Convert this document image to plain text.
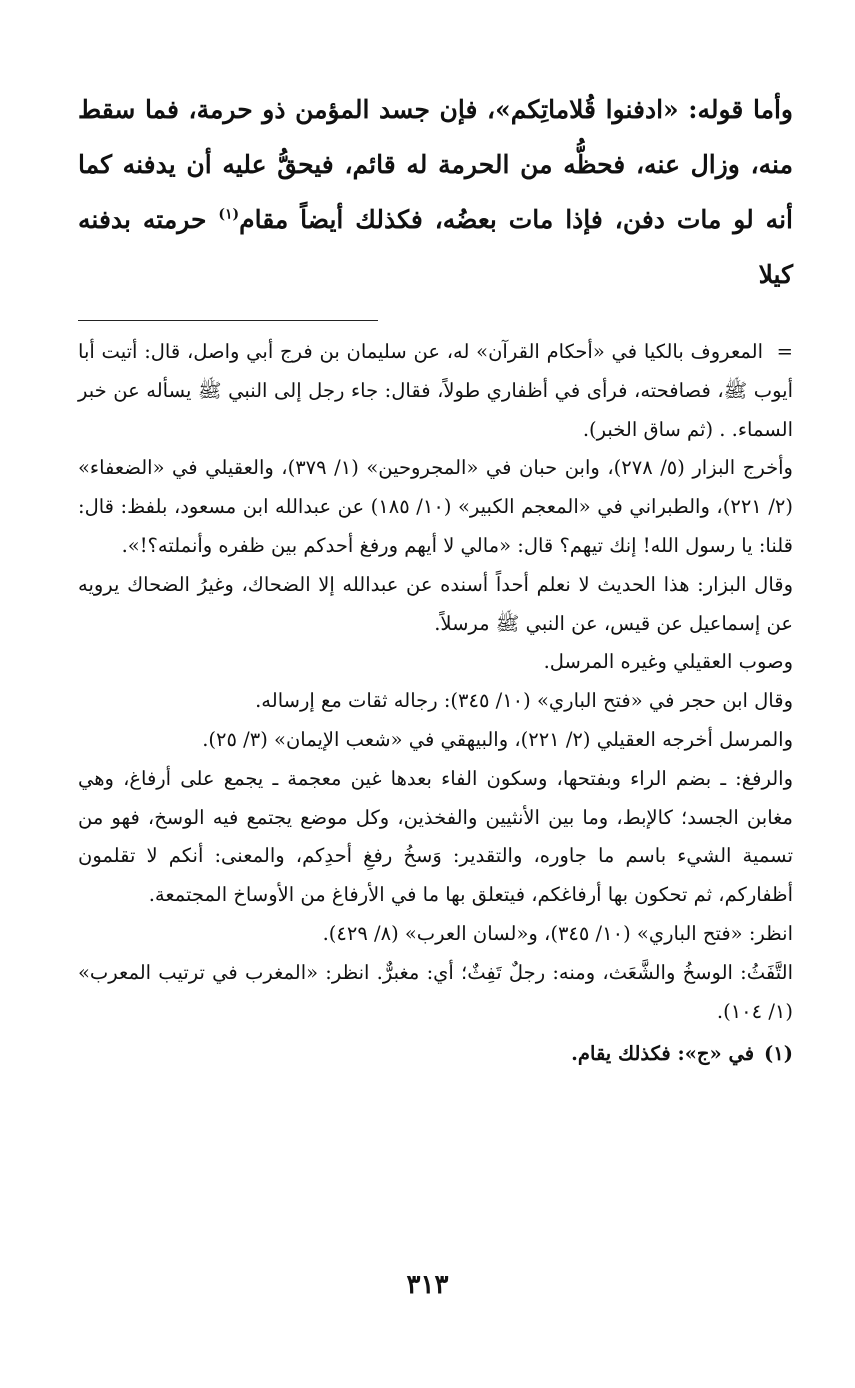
وأما قوله: «ادفنوا قُلاماتِكم»، فإن جسد المؤمن ذو حرمة، فما سقط منه، وزال عنه، فحظُّه من الحرمة له قائم، فيحقُّ عليه أن يدفنه كما أنه لو مات دفن، فإذا مات بعضُه، فكذلك أيضاً مقام$^{(١)}$ حرمته بدفنه كيلا

=المعروف بالكيا في «أحكام القرآن» له، عن سليمان بن فرج أبي واصل، قال: أتيت أبا أيوب ﷺ، فصافحته، فرأى في أظفاري طولاً، فقال: جاء رجل إلى النبي ﷺ يسأله عن خبر السماء. . (ثم ساق الخبر).

وأخرج البزار (٥/ ٢٧٨)، وابن حبان في «المجروحين» (١/ ٣٧٩)، والعقيلي في «الضعفاء» (٢/ ٢٢١)، والطبراني في «المعجم الكبير» (١٠/ ١٨٥) عن عبدالله ابن مسعود، بلفظ: قال: قلنا: يا رسول الله! إنك تيهم؟ قال: «مالي لا أيهم ورفغ أحدكم بين ظفره وأنملته؟!».

وقال البزار: هذا الحديث لا نعلم أحداً أسنده عن عبدالله إلا الضحاك، وغيرُ الضحاك يرويه عن إسماعيل عن قيس، عن النبي ﷺ مرسلاً.

وصوب العقيلي وغيره المرسل.

وقال ابن حجر في «فتح الباري» (١٠/ ٣٤٥): رجاله ثقات مع إرساله.

والمرسل أخرجه العقيلي (٢/ ٢٢١)، والبيهقي في «شعب الإيمان» (٣/ ٢٥).

والرفغ: ـ بضم الراء وبفتحها، وسكون الفاء بعدها غين معجمة ـ يجمع على أرفاغ، وهي مغابن الجسد؛ كالإبط، وما بين الأنثيين والفخذين، وكل موضع يجتمع فيه الوسخ، فهو من تسمية الشيء باسم ما جاوره، والتقدير: وَسخُ رفغِ أحدِكم، والمعنى: أنكم لا تقلمون أظفاركم، ثم تحكون بها أرفاغكم، فيتعلق بها ما في الأرفاغ من الأوساخ المجتمعة.

انظر: «فتح الباري» (١٠/ ٣٤٥)، و«لسان العرب» (٨/ ٤٢٩).

التَّفَثُ: الوسخُ والشَّعَث، ومنه: رجلٌ تَفِثٌ؛ أي: مغبرٌّ. انظر: «المغرب في ترتيب المعرب» (١/ ١٠٤).

(١)في «ج»: فكذلك يقام.

٣١٣
